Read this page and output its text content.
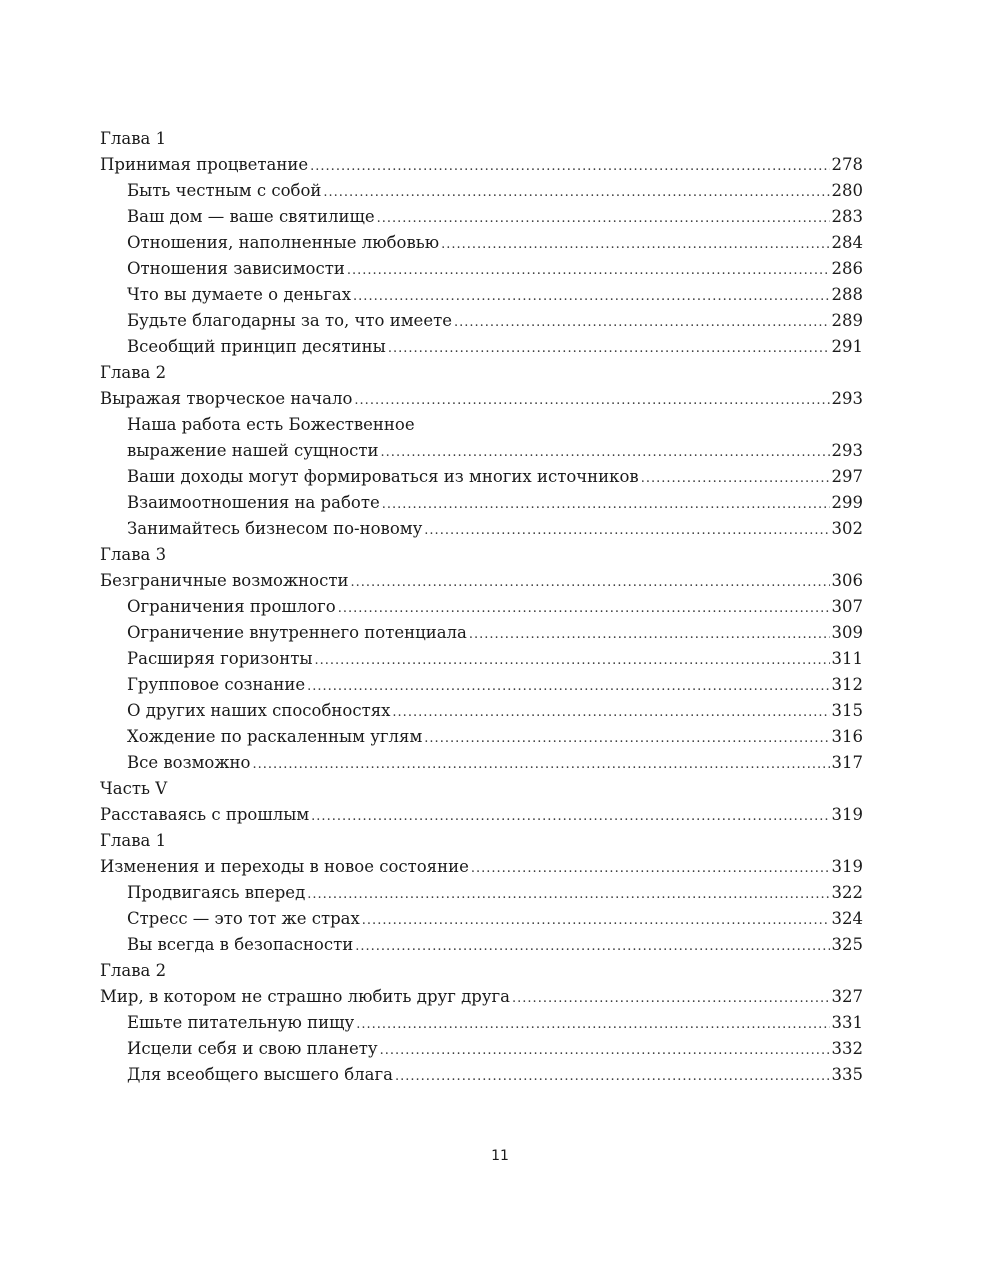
Глава 1
Принимая процветание .....	278
Быть честным с собой .....	280
Ваш дом — ваше святилище .....	283
Отношения, наполненные любовью .....	284
Отношения зависимости .....	286
Что вы думаете о деньгах .....	288
Будьте благодарны за то, что имеете .....	289
Всеобщий принцип десятины .....	291
Глава 2
Выражая творческое начало .....	293
Наша работа есть Божественное
выражение нашей сущности .....	293
Ваши доходы могут формироваться из многих источников .....	297
Взаимоотношения на работе .....	299
Занимайтесь бизнесом по-новому .....	302
Глава 3
Безграничные возможности .....	306
Ограничения прошлого .....	307
Ограничение внутреннего потенциала .....	309
Расширяя горизонты .....	311
Групповое сознание .....	312
О других наших способностях .....	315
Хождение по раскаленным углям .....	316
Все возможно .....	317
Часть V
Расставаясь с прошлым .....	319
Глава 1
Изменения и переходы в новое состояние .....	319
Продвигаясь вперед .....	322
Стресс — это тот же страх .....	324
Вы всегда в безопасности .....	325
Глава 2
Мир, в котором не страшно любить друг друга .....	327
Ешьте питательную пищу .....	331
Исцели себя и свою планету .....	332
Для всеобщего высшего блага .....	335
11
